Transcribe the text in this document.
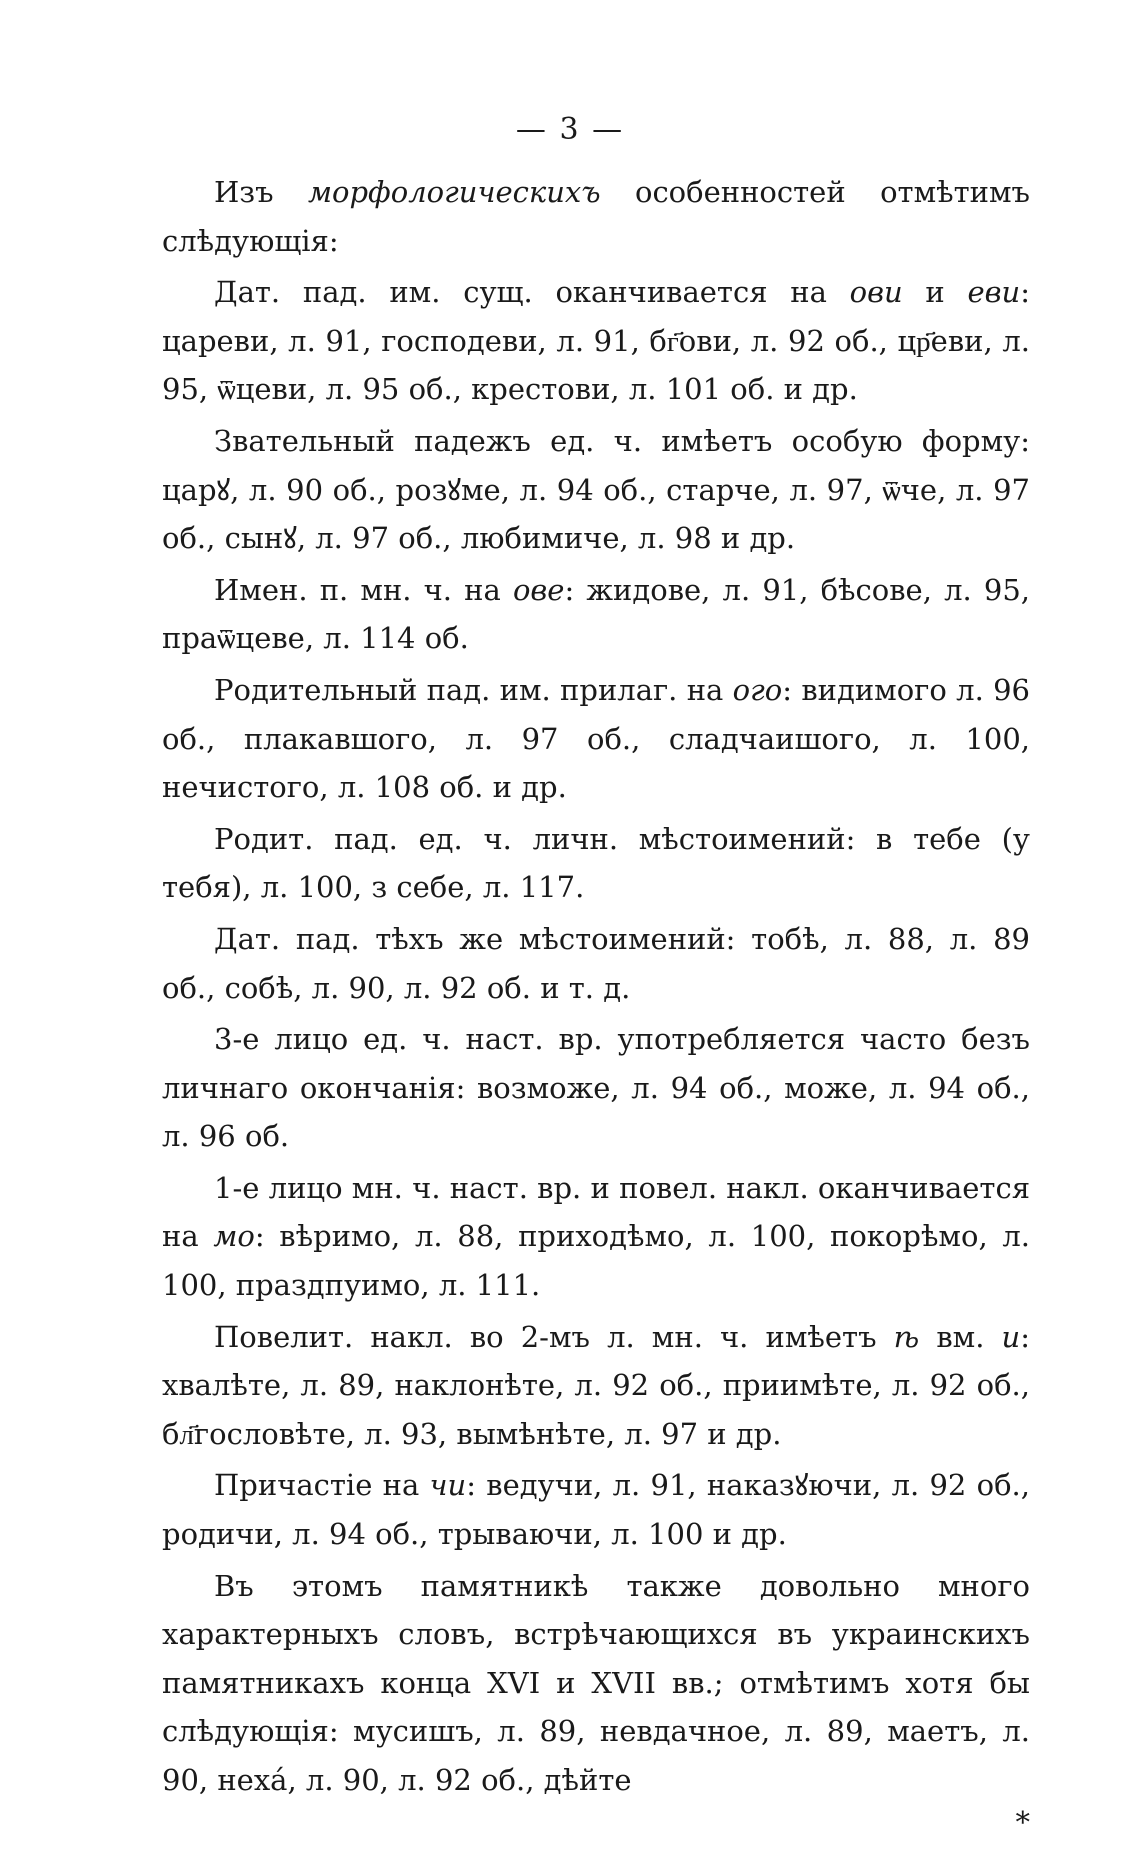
— 3 —

Изъ морфологическихъ особенностей отмѣтимъ слѣдующія:

Дат. пад. им. сущ. оканчивается на ови и еви: цареви, л. 91, господеви, л. 91, бг҃ови, л. 92 об., цр҃еви, л. 95, ѿцеви, л. 95 об., крестови, л. 101 об. и др.

Звательный падежъ ед. ч. имѣетъ особую форму: царꙋ, л. 90 об., розꙋме, л. 94 об., старче, л. 97, ѿче, л. 97 об., сынꙋ, л. 97 об., любимиче, л. 98 и др.

Имен. п. мн. ч. на ове: жидове, л. 91, бѣсове, л. 95, праѿцеве, л. 114 об.

Родительный пад. им. прилаг. на ого: видимого л. 96 об., плакавшого, л. 97 об., сладчаишого, л. 100, нечистого, л. 108 об. и др.

Родит. пад. ед. ч. личн. мѣстоимений: в тебе (у тебя), л. 100, з себе, л. 117.

Дат. пад. тѣхъ же мѣстоимений: тобѣ, л. 88, л. 89 об., собѣ, л. 90, л. 92 об. и т. д.

3-е лицо ед. ч. наст. вр. употребляется часто безъ личнаго окончанія: возможе, л. 94 об., може, л. 94 об., л. 96 об.

1-е лицо мн. ч. наст. вр. и повел. накл. оканчивается на мо: вѣримо, л. 88, приходѣмо, л. 100, покорѣмо, л. 100, праздпуимо, л. 111.

Повелит. накл. во 2-мъ л. мн. ч. имѣетъ ѣ вм. и: хвалѣте, л. 89, наклонѣте, л. 92 об., приимѣте, л. 92 об., бл҃гословѣте, л. 93, вымѣнѣте, л. 97 и др.

Причастіе на чи: ведучи, л. 91, наказꙋючи, л. 92 об., родичи, л. 94 об., трываючи, л. 100 и др.

Въ этомъ памятникѣ также довольно много характерныхъ словъ, встрѣчающихся въ украинскихъ памятникахъ конца XVI и XVII вв.; отмѣтимъ хотя бы слѣдующія: мусишъ, л. 89, невдачное, л. 89, маетъ, л. 90, неха́, л. 90, л. 92 об., дѣйте

*
